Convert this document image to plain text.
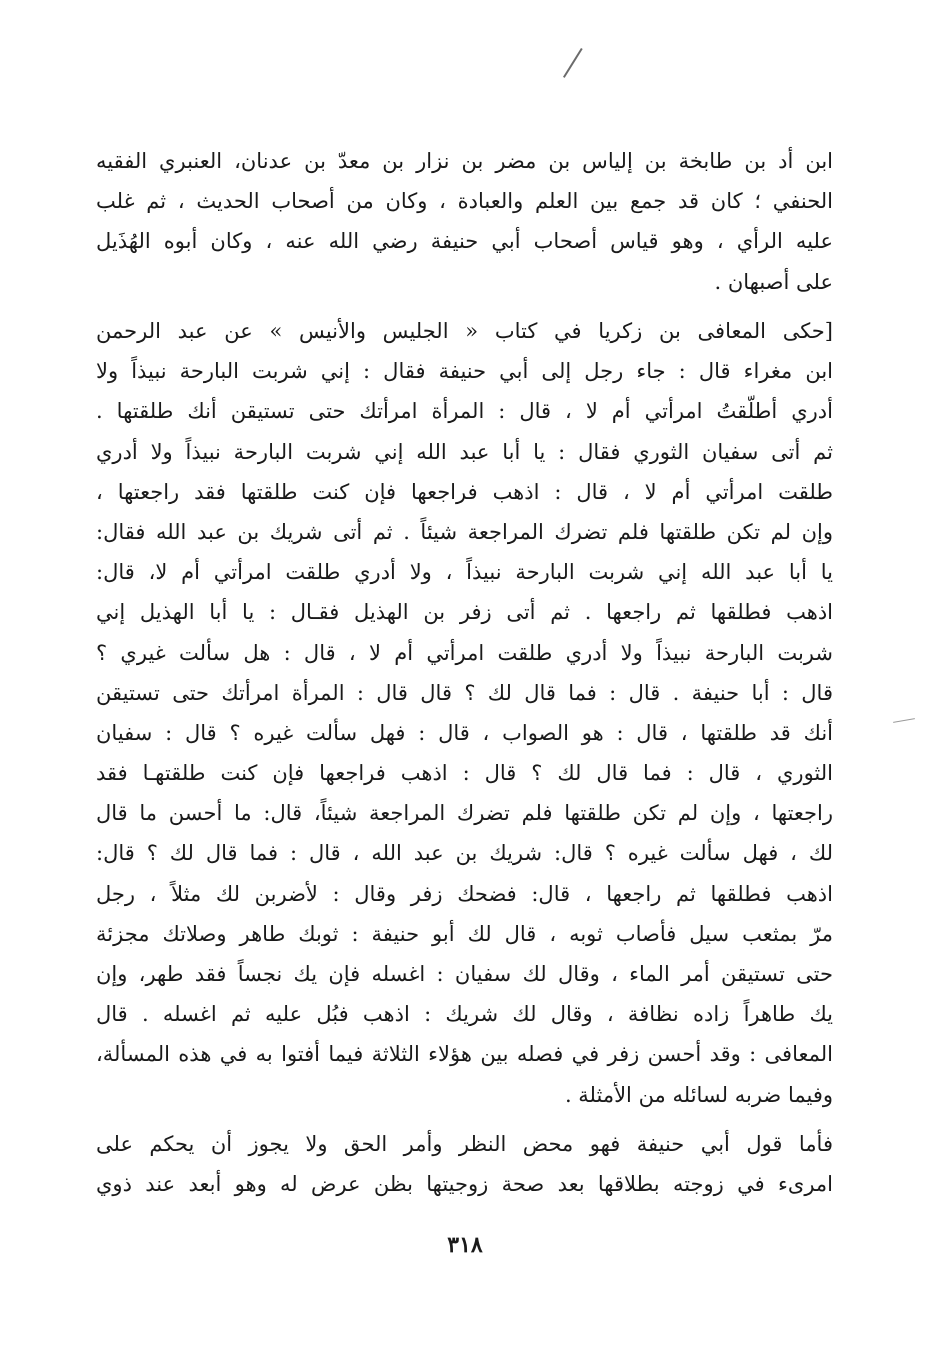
ابن أد بن طابخة بن إلياس بن مضر بن نزار بن معدّ بن عدنان، العنبري الفقيه
الحنفي ؛ كان قد جمع بين العلم والعبادة ، وكان من أصحاب الحديث ، ثم غلب
عليه الرأي ، وهو قياس أصحاب أبي حنيفة رضي الله عنه ، وكان أبوه الهُذَيل
على أصبهان .
[حكى المعافى بن زكريا في كتاب « الجليس والأنيس » عن عبد الرحمن
ابن مغراء قال : جاء رجل إلى أبي حنيفة فقال : إني شربت البارحة نبيذاً ولا
أدري أطلّقتُ امرأتي أم لا ، قال : المرأة امرأتك حتى تستيقن أنك طلقتها .
ثم أتى سفيان الثوري فقال : يا أبا عبد الله إني شربت البارحة نبيذاً ولا أدري
طلقت امرأتي أم لا ، قال : اذهب فراجعها فإن كنت طلقتها فقد راجعتها ،
وإن لم تكن طلقتها فلم تضرك المراجعة شيئاً . ثم أتى شريك بن عبد الله فقال:
يا أبا عبد الله إني شربت البارحة نبيذاً ، ولا أدري طلقت امرأتي أم لا، قال:
اذهب فطلقها ثم راجعها . ثم أتى زفر بن الهذيل فقـال : يا أبا الهذيل إني
شربت البارحة نبيذاً ولا أدري طلقت امرأتي أم لا ، قال : هل سألت غيري ؟
قال : أبا حنيفة . قال : فما قال لك ؟ قال قال : المرأة امرأتك حتى تستيقن
أنك قد طلقتها ، قال : هو الصواب ، قال : فهل سألت غيره ؟ قال : سفيان
الثوري ، قال : فما قال لك ؟ قال : اذهب فراجعها فإن كنت طلقتهـا فقد
راجعتها ، وإن لم تكن طلقتها فلم تضرك المراجعة شيئاً، قال: ما أحسن ما قال
لك ، فهل سألت غيره ؟ قال: شريك بن عبد الله ، قال : فما قال لك ؟ قال:
اذهب فطلقها ثم راجعها ، قال: فضحك زفر وقال : لأضربن لك مثلاً ، رجل
مرّ بمثعب سيل فأصاب ثوبه ، قال لك أبو حنيفة : ثوبك طاهر وصلاتك مجزئة
حتى تستيقن أمر الماء ، وقال لك سفيان : اغسله فإن يك نجساً فقد طهر، وإن
يك طاهراً زاده نظافة ، وقال لك شريك : اذهب فبُل عليه ثم اغسله . قال
المعافى : وقد أحسن زفر في فصله بين هؤلاء الثلاثة فيما أفتوا به في هذه المسألة،
وفيما ضربه لسائله من الأمثلة .
فأما قول أبي حنيفة فهو محض النظر وأمر الحق ولا يجوز أن يحكم على
امرىء في زوجته بطلاقها بعد صحة زوجيتها بظن عرض له وهو أبعد عند ذوي
٣١٨
